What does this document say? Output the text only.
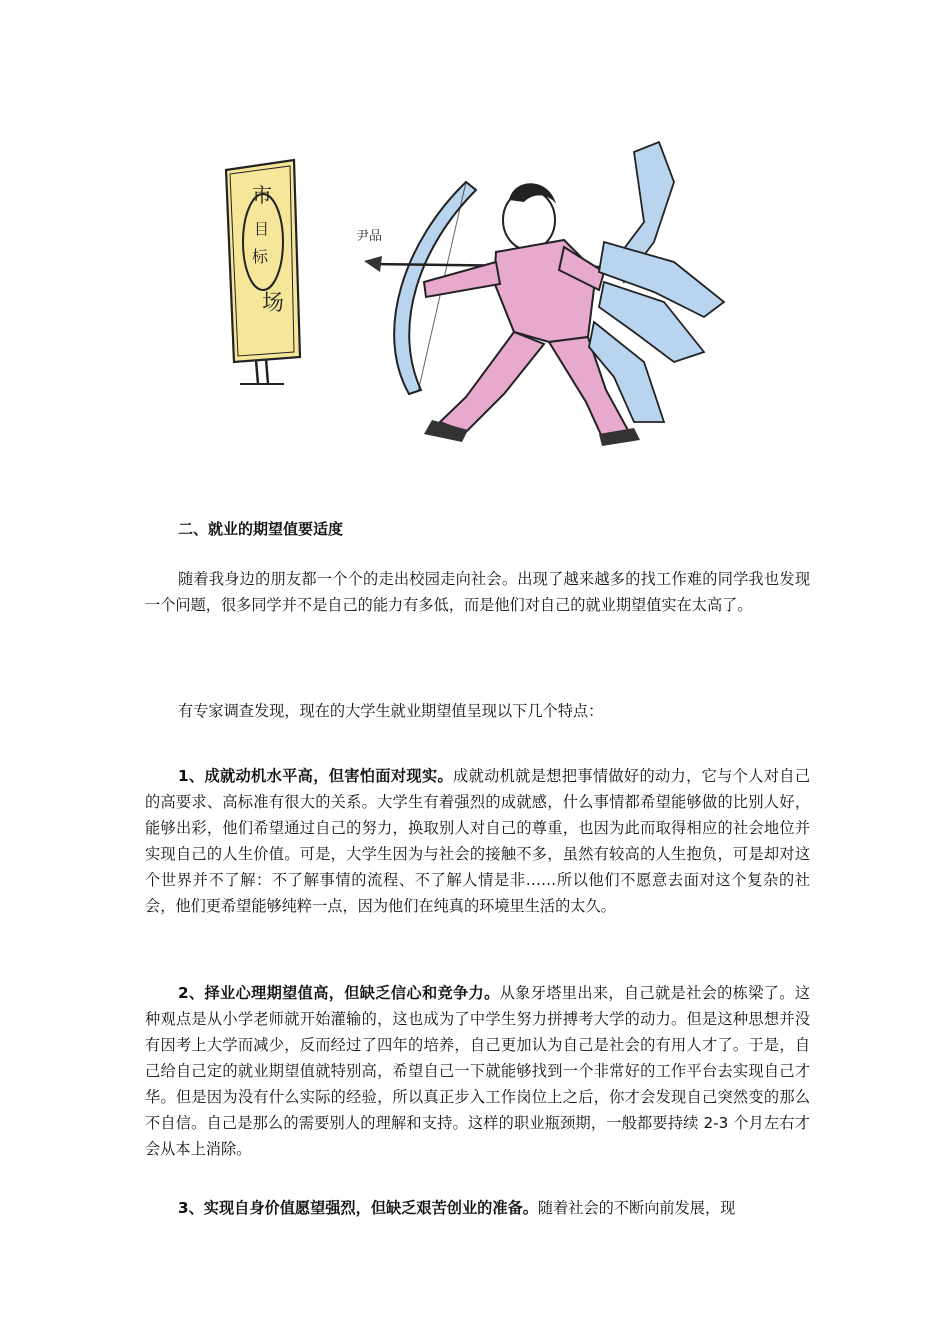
市
目
标
场
尹品
二、就业的期望值要适度

随着我身边的朋友都一个个的走出校园走向社会。出现了越来越多的找工作难的同学我也发现一个问题，很多同学并不是自己的能力有多低，而是他们对自己的就业期望值实在太高了。

有专家调查发现，现在的大学生就业期望值呈现以下几个特点：

1、成就动机水平高，但害怕面对现实。成就动机就是想把事情做好的动力，它与个人对自己的高要求、高标准有很大的关系。大学生有着强烈的成就感，什么事情都希望能够做的比别人好，能够出彩，他们希望通过自己的努力，换取别人对自己的尊重，也因为此而取得相应的社会地位并实现自己的人生价值。可是，大学生因为与社会的接触不多，虽然有较高的人生抱负，可是却对这个世界并不了解：不了解事情的流程、不了解人情是非……所以他们不愿意去面对这个复杂的社会，他们更希望能够纯粹一点，因为他们在纯真的环境里生活的太久。

2、择业心理期望值高，但缺乏信心和竞争力。从象牙塔里出来，自己就是社会的栋梁了。这种观点是从小学老师就开始灌输的，这也成为了中学生努力拼搏考大学的动力。但是这种思想并没有因考上大学而减少，反而经过了四年的培养，自己更加认为自己是社会的有用人才了。于是，自己给自己定的就业期望值就特别高，希望自己一下就能够找到一个非常好的工作平台去实现自己才华。但是因为没有什么实际的经验，所以真正步入工作岗位上之后，你才会发现自己突然变的那么不自信。自己是那么的需要别人的理解和支持。这样的职业瓶颈期，一般都要持续 2-3 个月左右才会从本上消除。

3、实现自身价值愿望强烈，但缺乏艰苦创业的准备。随着社会的不断向前发展，现
